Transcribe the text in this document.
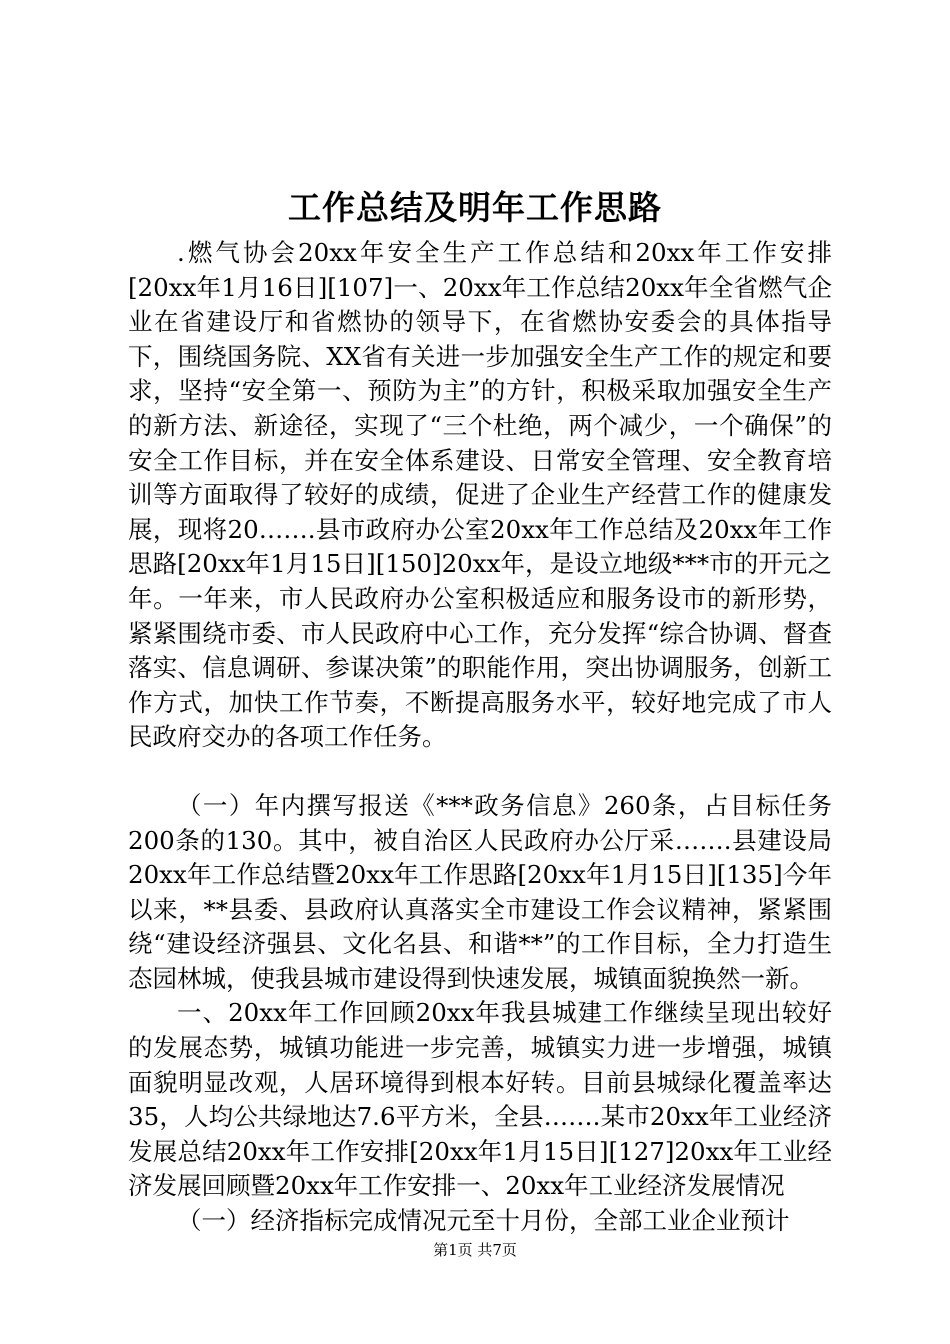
工作总结及明年工作思路

.燃气协会20xx年安全生产工作总结和20xx年工作安排[20xx年1月16日][107]一、20xx年工作总结20xx年全省燃气企业在省建设厅和省燃协的领导下，在省燃协安委会的具体指导下，围绕国务院、XX省有关进一步加强安全生产工作的规定和要求，坚持“安全第一、预防为主”的方针，积极采取加强安全生产的新方法、新途径，实现了“三个杜绝，两个减少，一个确保”的安全工作目标，并在安全体系建设、日常安全管理、安全教育培训等方面取得了较好的成绩，促进了企业生产经营工作的健康发展，现将20…….县市政府办公室20xx年工作总结及20xx年工作思路[20xx年1月15日][150]20xx年，是设立地级***市的开元之年。一年来，市人民政府办公室积极适应和服务设市的新形势，紧紧围绕市委、市人民政府中心工作，充分发挥“综合协调、督查落实、信息调研、参谋决策”的职能作用，突出协调服务，创新工作方式，加快工作节奏，不断提高服务水平，较好地完成了市人民政府交办的各项工作任务。

（一）年内撰写报送《***政务信息》260条，占目标任务200条的130。其中，被自治区人民政府办公厅采…….县建设局20xx年工作总结暨20xx年工作思路[20xx年1月15日][135]今年以来，**县委、县政府认真落实全市建设工作会议精神，紧紧围绕“建设经济强县、文化名县、和谐**”的工作目标，全力打造生态园林城，使我县城市建设得到快速发展，城镇面貌换然一新。

一、20xx年工作回顾20xx年我县城建工作继续呈现出较好的发展态势，城镇功能进一步完善，城镇实力进一步增强，城镇面貌明显改观，人居环境得到根本好转。目前县城绿化覆盖率达35，人均公共绿地达7.6平方米，全县…….某市20xx年工业经济发展总结20xx年工作安排[20xx年1月15日][127]20xx年工业经济发展回顾暨20xx年工作安排一、20xx年工业经济发展情况

（一）经济指标完成情况元至十月份，全部工业企业预计

第1页 共7页
